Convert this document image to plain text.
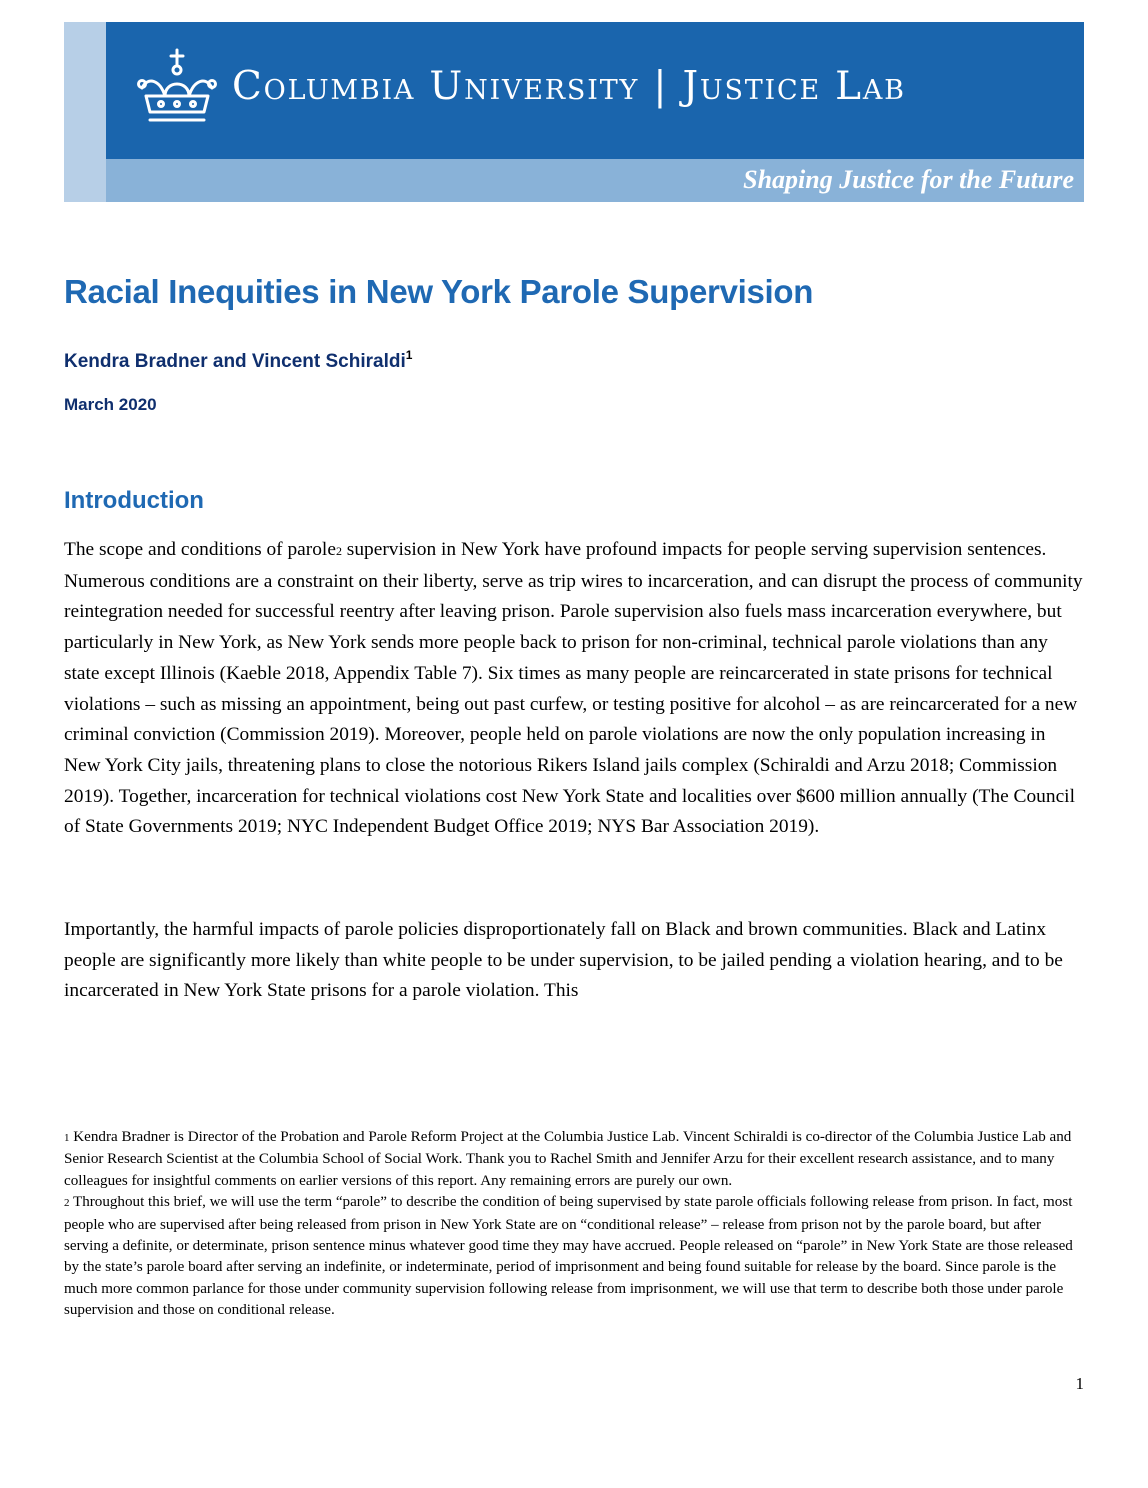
Columbia University | Justice Lab
Shaping Justice for the Future
Racial Inequities in New York Parole Supervision
Kendra Bradner and Vincent Schiraldi$^1$
March 2020
Introduction

The scope and conditions of parole2 supervision in New York have profound impacts for people serving supervision sentences. Numerous conditions are a constraint on their liberty, serve as trip wires to incarceration, and can disrupt the process of community reintegration needed for successful reentry after leaving prison. Parole supervision also fuels mass incarceration everywhere, but particularly in New York, as New York sends more people back to prison for non-criminal, technical parole violations than any state except Illinois (Kaeble 2018, Appendix Table 7). Six times as many people are reincarcerated in state prisons for technical violations – such as missing an appointment, being out past curfew, or testing positive for alcohol – as are reincarcerated for a new criminal conviction (Commission 2019). Moreover, people held on parole violations are now the only population increasing in New York City jails, threatening plans to close the notorious Rikers Island jails complex (Schiraldi and Arzu 2018; Commission 2019). Together, incarceration for technical violations cost New York State and localities over $600 million annually (The Council of State Governments 2019; NYC Independent Budget Office 2019; NYS Bar Association 2019).

Importantly, the harmful impacts of parole policies disproportionately fall on Black and brown communities. Black and Latinx people are significantly more likely than white people to be under supervision, to be jailed pending a violation hearing, and to be incarcerated in New York State prisons for a parole violation. This

1 Kendra Bradner is Director of the Probation and Parole Reform Project at the Columbia Justice Lab. Vincent Schiraldi is co-director of the Columbia Justice Lab and Senior Research Scientist at the Columbia School of Social Work. Thank you to Rachel Smith and Jennifer Arzu for their excellent research assistance, and to many colleagues for insightful comments on earlier versions of this report. Any remaining errors are purely our own.

2 Throughout this brief, we will use the term “parole” to describe the condition of being supervised by state parole officials following release from prison. In fact, most people who are supervised after being released from prison in New York State are on “conditional release” – release from prison not by the parole board, but after serving a definite, or determinate, prison sentence minus whatever good time they may have accrued. People released on “parole” in New York State are those released by the state’s parole board after serving an indefinite, or indeterminate, period of imprisonment and being found suitable for release by the board. Since parole is the much more common parlance for those under community supervision following release from imprisonment, we will use that term to describe both those under parole supervision and those on conditional release.

1
